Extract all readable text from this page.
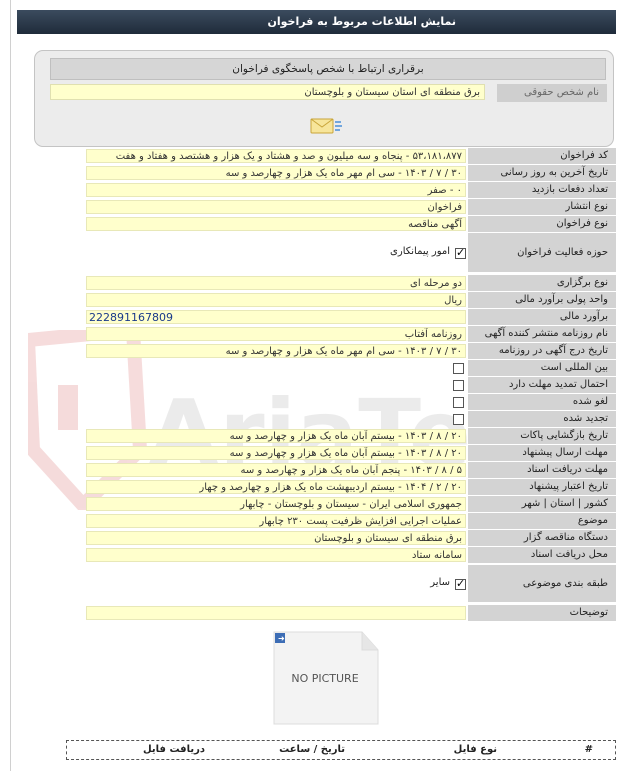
نمایش اطلاعات مربوط به فراخوان
برقراری ارتباط با شخص پاسخگوی فراخوان
نام شخص حقوقی
برق منطقه ای استان سیستان و بلوچستان
کد فراخوان
۵۳،۱۸۱،۸۷۷ - پنجاه و سه میلیون و صد و هشتاد و یک هزار و هشتصد و هفتاد و هفت
تاریخ آخرین به روز رسانی
۳۰ / ۷ / ۱۴۰۳ - سی ام مهر ماه یک هزار و چهارصد و سه
تعداد دفعات بازدید
۰ - صفر
نوع انتشار
فراخوان
نوع فراخوان
آگهی مناقصه
حوزه فعالیت فراخوان
✓
امور پیمانکاری
نوع برگزاری
دو مرحله ای
واحد پولی برآورد مالی
ریال
برآورد مالی
222891167809
نام روزنامه منتشر کننده آگهی
روزنامه آفتاب
تاریخ درج آگهی در روزنامه
۳۰ / ۷ / ۱۴۰۳ - سی ام مهر ماه یک هزار و چهارصد و سه
بین المللی است
احتمال تمدید مهلت دارد
لغو شده
تجدید شده
تاریخ بازگشایی پاکات
۲۰ / ۸ / ۱۴۰۳ - بیستم آبان ماه یک هزار و چهارصد و سه
مهلت ارسال پیشنهاد
۲۰ / ۸ / ۱۴۰۳ - بیستم آبان ماه یک هزار و چهارصد و سه
مهلت دریافت اسناد
۵ / ۸ / ۱۴۰۳ - پنجم آبان ماه یک هزار و چهارصد و سه
تاریخ اعتبار پیشنهاد
۲۰ / ۲ / ۱۴۰۴ - بیستم اردیبهشت ماه یک هزار و چهارصد و چهار
کشور | استان | شهر
جمهوری اسلامی ایران - سیستان و بلوچستان - چابهار
موضوع
عملیات اجرایی افزایش ظرفیت پست ۲۳۰ چابهار
دستگاه مناقصه گزار
برق منطقه ای سیستان و بلوچستان
محل دریافت اسناد
سامانه ستاد
طبقه بندی موضوعی
✓
سایر
توضیحات
➜
NO PICTURE
#
نوع فایل
تاریخ / ساعت
دریافت فایل
